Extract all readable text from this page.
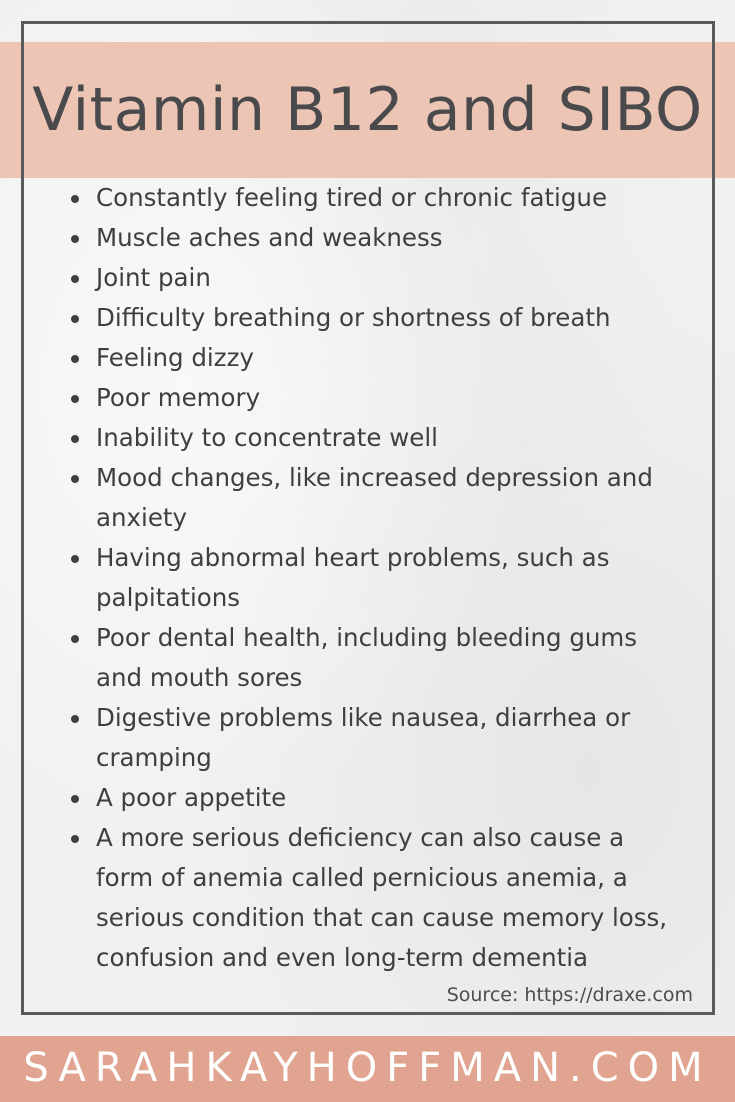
Vitamin B12 and SIBO
Constantly feeling tired or chronic fatigue
Muscle aches and weakness
Joint pain
Difficulty breathing or shortness of breath
Feeling dizzy
Poor memory
Inability to concentrate well
Mood changes, like increased depression and anxiety
Having abnormal heart problems, such as palpitations
Poor dental health, including bleeding gums and mouth sores
Digestive problems like nausea, diarrhea or cramping
A poor appetite
A more serious deficiency can also cause a form of anemia called pernicious anemia, a serious condition that can cause memory loss, confusion and even long-term dementia
Source: https://draxe.com
SARAHKAYHOFFMAN.COM
